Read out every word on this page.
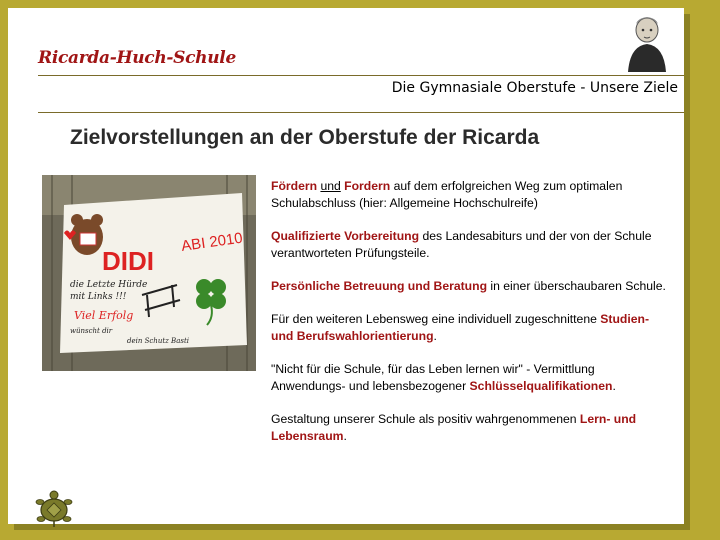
Ricarda-Huch-Schule
Die Gymnasiale Oberstufe - Unsere Ziele
Zielvorstellungen an der Oberstufe der Ricarda
DIDI
ABI 2010
die Letzte Hürde
mit Links !!!
Viel Erfolg
wünscht dir
dein Schutz Basti

Fördern und Fordern auf dem erfolgreichen Weg zum optimalen Schulabschluss (hier: Allgemeine Hochschulreife)

Qualifizierte Vorbereitung des Landesabiturs und der von der Schule verantworteten Prüfungsteile.

Persönliche Betreuung und Beratung in einer überschaubaren Schule.

Für den weiteren Lebensweg eine individuell zugeschnittene Studien- und Berufswahlorientierung.

"Nicht für die Schule, für das Leben lernen wir" - Vermittlung Anwendungs- und lebensbezogener Schlüsselqualifikationen.

Gestaltung unserer Schule als positiv wahrgenommenen Lern- und Lebensraum.
